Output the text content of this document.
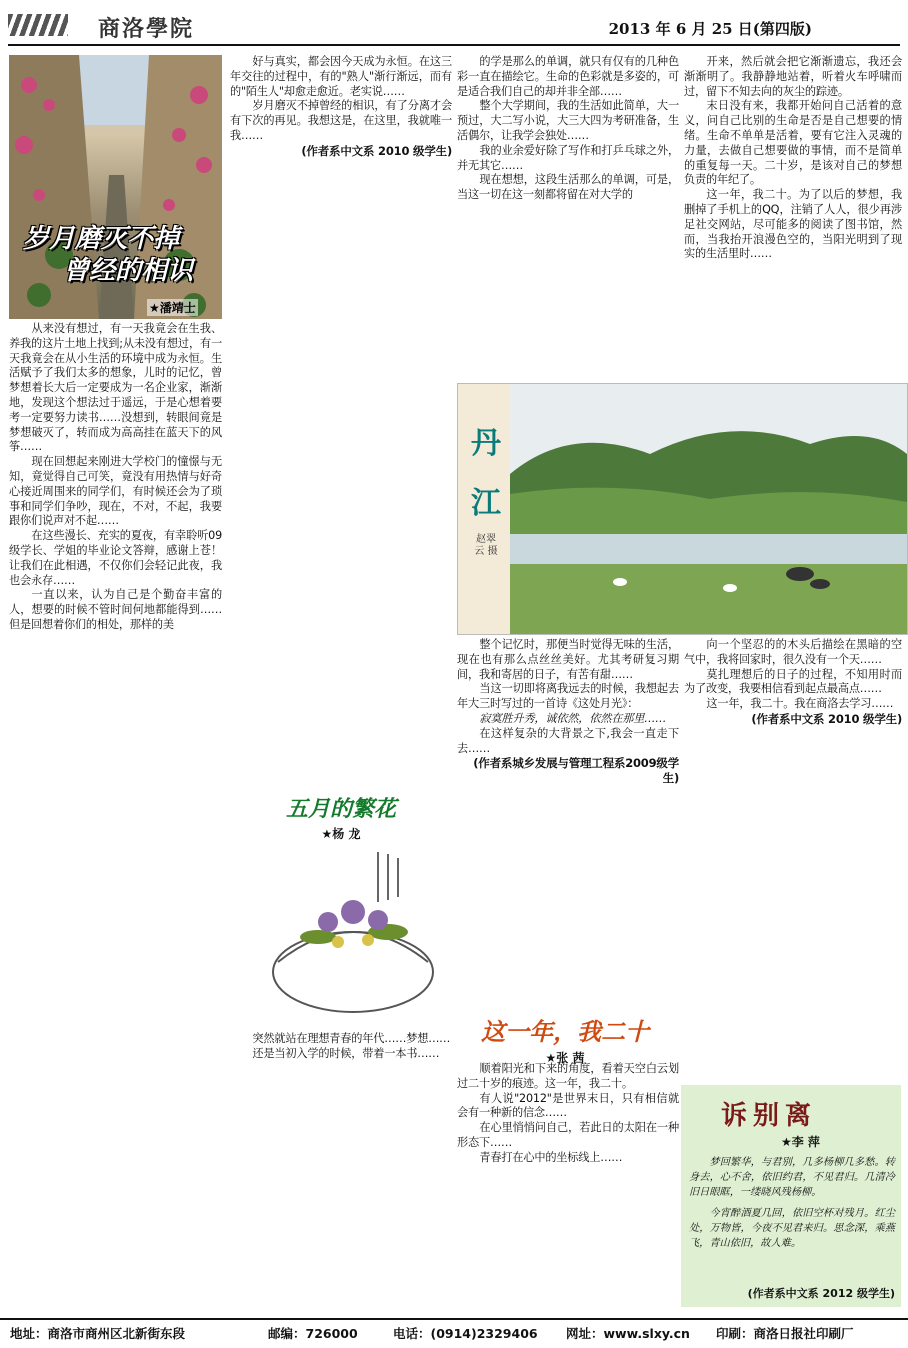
商洛學院	2013 年 6 月 25 日(第四版)
岁月磨灭不掉
曾经的相识
★潘靖士

从来没有想过，有一天我竟会在生我、养我的这片土地上找到;从未没有想过，有一天我竟会在从小生活的环境中成为永恒。生活赋予了我们太多的想象，儿时的记忆，曾梦想着长大后一定要成为一名企业家，渐渐地，发现这个想法过于遥远，于是心想着要考一定要努力读书……没想到，转眼间竟是梦想破灭了，转而成为高高挂在蓝天下的风筝……

现在回想起来刚进大学校门的憧憬与无知，竟觉得自己可笑，竟没有用热情与好奇心接近周围来的同学们，有时候还会为了琐事和同学们争吵，现在，不对，不起，我要跟你们说声对不起……

在这些漫长、充实的夏夜，有幸聆听09级学长、学姐的毕业论文答辩，感谢上苍！让我们在此相遇，不仅你们会轻记此夜，我也会永存……

一直以来，认为自己是个勤奋丰富的人，想要的时候不管时间何地都能得到……但是回想着你们的相处，那样的美

好与真实，都会因今天成为永恒。在这三年交往的过程中，有的"熟人"渐行渐远，而有的"陌生人"却愈走愈近。老实说……

岁月磨灭不掉曾经的相识，有了分离才会有下次的再见。我想这是，在这里，我就唯一我……

(作者系中文系 2010 级学生)
五月的繁花
★杨 龙

突然就站在理想青春的年代……梦想……

还是当初入学的时候，带着一本书……

的学是那么的单调，就只有仅有的几种色彩一直在描绘它。生命的色彩就是多姿的，可是适合我们自己的却并非全部……

整个大学期间，我的生活如此简单，大一预过，大二写小说，大三大四为考研准备，生活偶尔，让我学会独处……

我的业余爱好除了写作和打乒乓球之外，并无其它……

现在想想，这段生活那么的单调，可是，当这一切在这一刻都将留在对大学的

开来，然后就会把它渐渐遗忘，我还会渐渐明了。我静静地站着，听着火车呼啸而过，留下不知去向的灰尘的踪迹。

末日没有来，我都开始问自己活着的意义，问自己比别的生命是否是自己想要的情绪。生命不单单是活着，要有它注入灵魂的力量，去做自己想要做的事情，而不是简单的重复每一天。二十岁，是该对自己的梦想负责的年纪了。

这一年，我二十。为了以后的梦想，我删掉了手机上的QQ，注销了人人，很少再涉足社交网站，尽可能多的阅读了图书馆，然而，当我抬开浪漫色空的，当阳光明到了现实的生活里时……

丹
江
赵翠云 摄

整个记忆时，那便当时觉得无味的生活，现在也有那么点丝丝美好。尤其考研复习期间，我和寄居的日子，有苦有甜……

当这一切即将离我远去的时候，我想起去年大三时写过的一首诗《这处月光》：

寂寞胜升秀，诚依然，依然在那里……

在这样复杂的大背景之下,我会一直走下去……

(作者系城乡发展与管理工程系2009级学生)
这一年，我二十
★张 茜

顺着阳光和下来的角度，看着天空白云划过二十岁的痕迹。这一年，我二十。

有人说"2012"是世界末日，只有相信就会有一种新的信念……

在心里悄悄问自己，若此日的太阳在一种形态下……

青春打在心中的坐标线上……

向一个坚忍的的木头后描绘在黑暗的空气中，我将回家时，很久没有一个天……

莫扎理想后的日子的过程，不知用时而为了改变，我要相信看到起点最高点……

这一年，我二十。我在商洛去学习……

(作者系中文系 2010 级学生)
诉别离
★李 萍

梦回繁华，与君别，几多杨柳几多愁。转身去，心不舍，依旧约君，不见君归。几清冷旧日眼眶，一缕晓风残杨柳。

今宵醉酒夏几回，依旧空杯对残月。红尘处，万物皆，今夜不见君来归。思念深，乘燕飞，青山依旧，故人难。

(作者系中文系 2012 级学生)
地址：商洛市商州区北新街东段	邮编：726000	电话：(0914)2329406 网址：www.slxy.cn 印刷：商洛日报社印刷厂
